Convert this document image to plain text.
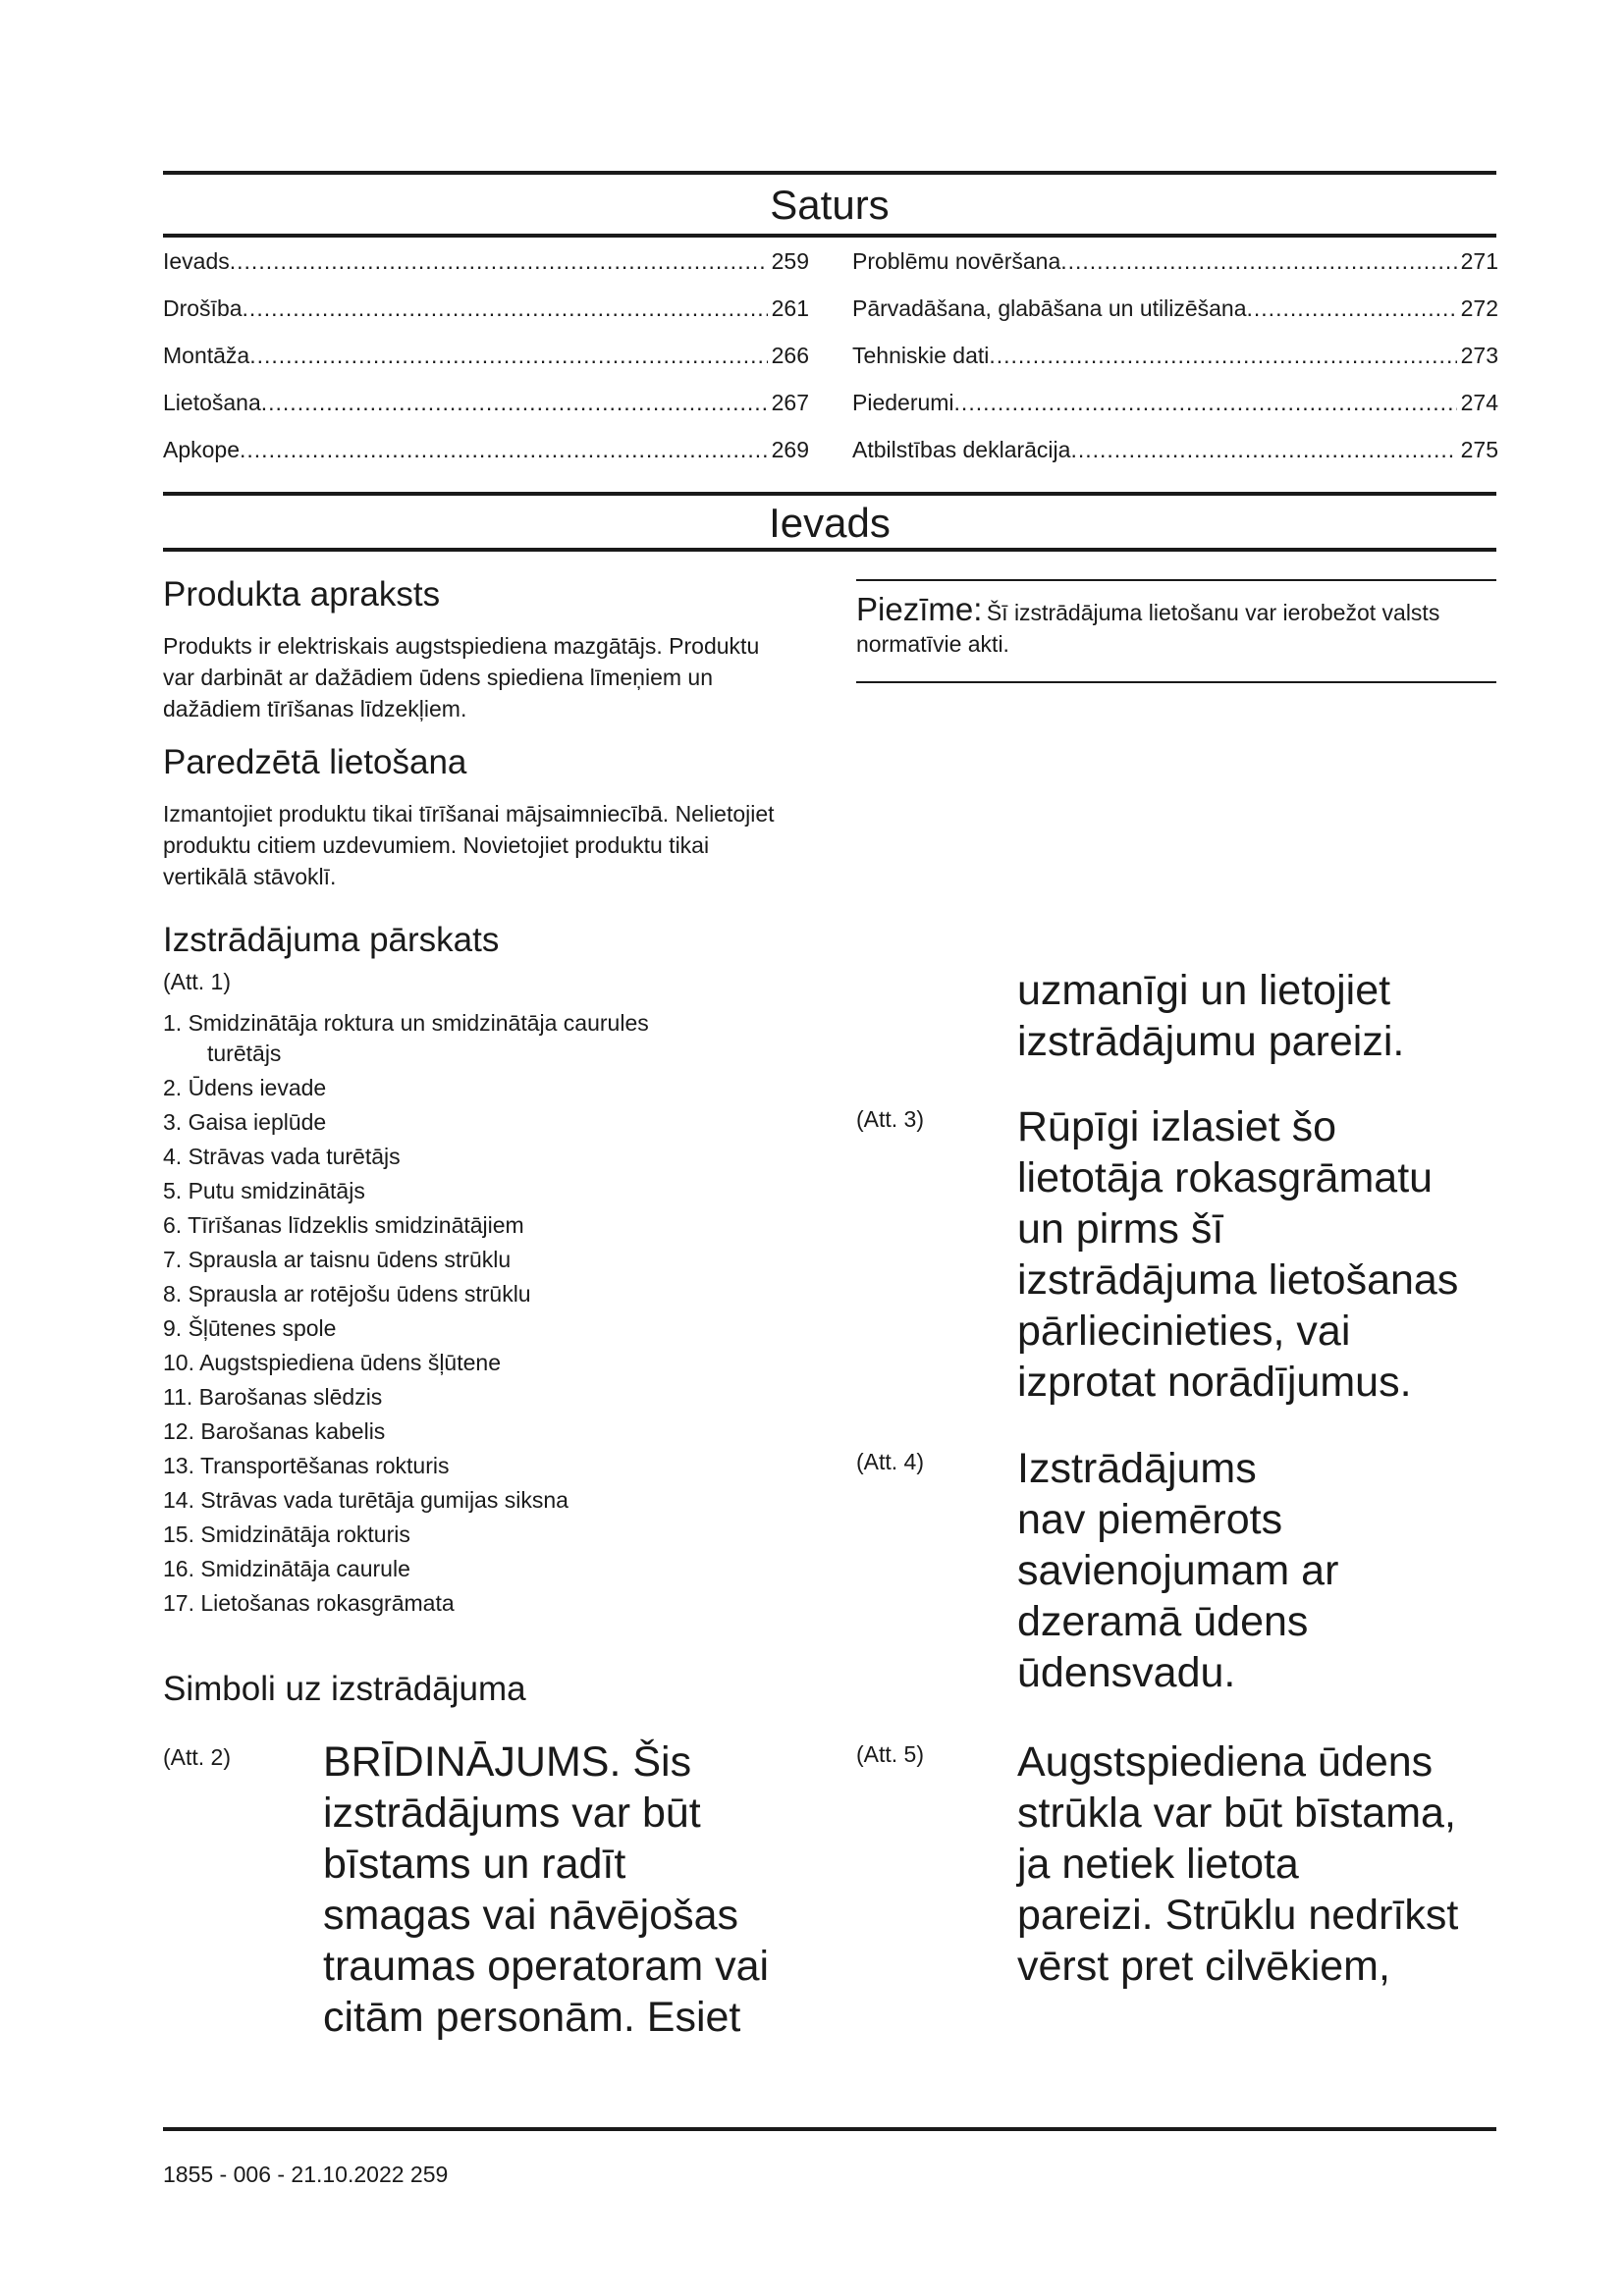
Saturs
Ievads .....	259
Drošība .....	261
Montāža .....	266
Lietošana .....	267
Apkope .....	269
Problēmu novēršana .....	271
Pārvadāšana, glabāšana un utilizēšana .....	272
Tehniskie dati .....	273
Piederumi .....	274
Atbilstības deklarācija .....	275
Ievads
Produkta apraksts
Produkts ir elektriskais augstspiediena mazgātājs. Produktu var darbināt ar dažādiem ūdens spiediena līmeņiem un dažādiem tīrīšanas līdzekļiem.
Paredzētā lietošana
Izmantojiet produktu tikai tīrīšanai mājsaimniecībā. Nelietojiet produktu citiem uzdevumiem. Novietojiet produktu tikai vertikālā stāvoklī.
Izstrādājuma pārskats
(Att. 1)
1. Smidzinātāja roktura un smidzinātāja caurules
turētājs
2. Ūdens ievade
3. Gaisa ieplūde
4. Strāvas vada turētājs
5. Putu smidzinātājs
6. Tīrīšanas līdzeklis smidzinātājiem
7. Sprausla ar taisnu ūdens strūklu
8. Sprausla ar rotējošu ūdens strūklu
9. Šļūtenes spole
10. Augstspiediena ūdens šļūtene
11. Barošanas slēdzis
12. Barošanas kabelis
13. Transportēšanas rokturis
14. Strāvas vada turētāja gumijas siksna
15. Smidzinātāja rokturis
16. Smidzinātāja caurule
17. Lietošanas rokasgrāmata
Simboli uz izstrādājuma
(Att. 2) BRĪDINĀJUMS. Šis
izstrādājums var būt
bīstams un radīt
smagas vai nāvējošas
traumas operatoram vai
citām personām. Esiet
Piezīme: Šī izstrādājuma lietošanu var ierobežot valsts normatīvie akti.
uzmanīgi un lietojiet
izstrādājumu pareizi.
(Att. 3) Rūpīgi izlasiet šo
lietotāja rokasgrāmatu
un pirms šī
izstrādājuma lietošanas
pārliecinieties, vai
izprotat norādījumus.
(Att. 4) Izstrādājums
nav piemērots
savienojumam ar
dzeramā ūdens
ūdensvadu.
(Att. 5) Augstspiediena ūdens
strūkla var būt bīstama,
ja netiek lietota
pareizi. Strūklu nedrīkst
vērst pret cilvēkiem,
1855 - 006 - 21.10.2022 259
